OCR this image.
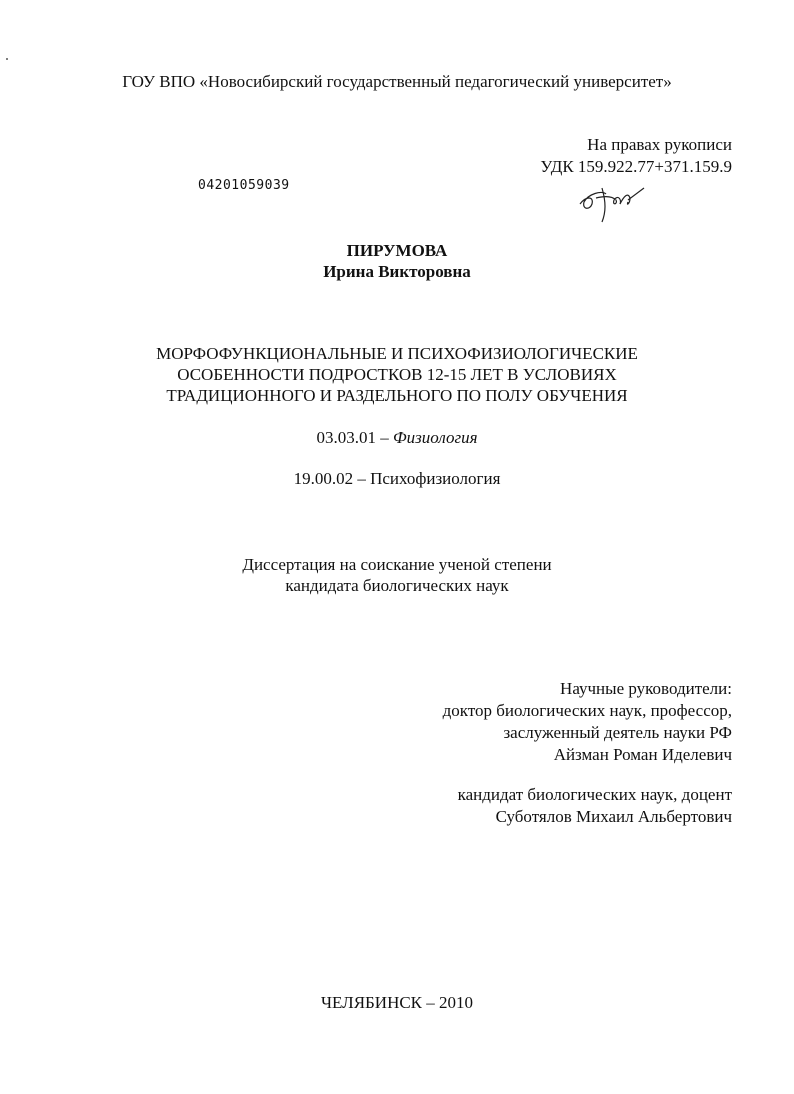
ГОУ ВПО «Новосибирский государственный педагогический университет»
На правах рукописи
УДК 159.922.77+371.159.9
04201059039
ПИРУМОВА
Ирина Викторовна
МОРФОФУНКЦИОНАЛЬНЫЕ И ПСИХОФИЗИОЛОГИЧЕСКИЕ
ОСОБЕННОСТИ ПОДРОСТКОВ 12-15 ЛЕТ В УСЛОВИЯХ
ТРАДИЦИОННОГО И РАЗДЕЛЬНОГО ПО ПОЛУ ОБУЧЕНИЯ
03.03.01 – Физиология
19.00.02 – Психофизиология
Диссертация на соискание ученой степени
кандидата биологических наук
Научные руководители:
доктор биологических наук, профессор,
заслуженный деятель науки РФ
Айзман Роман Иделевич
кандидат биологических наук, доцент
Суботялов Михаил Альбертович
ЧЕЛЯБИНСК – 2010
